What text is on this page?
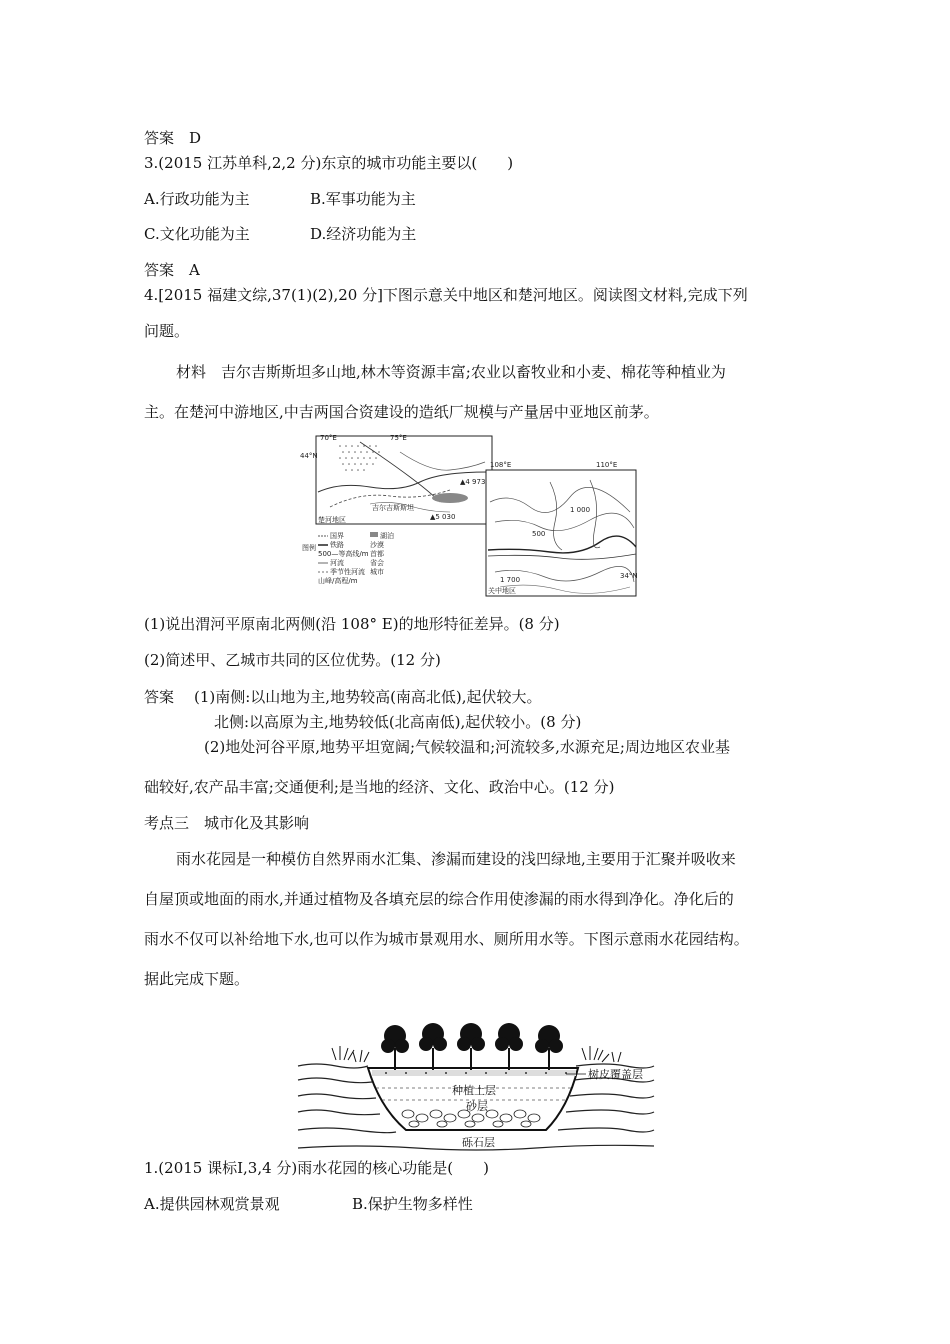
答案　D
3.(2015 江苏单科,2,2 分)东京的城市功能主要以(　　)
A.行政功能为主	B.军事功能为主
C.文化功能为主	D.经济功能为主
答案　A
4.[2015 福建文综,37(1)(2),20 分]下图示意关中地区和楚河地区。阅读图文材料,完成下列
问题。
材料　吉尔吉斯斯坦多山地,林木等资源丰富;农业以畜牧业和小麦、棉花等种植业为
主。在楚河中游地区,中吉两国合资建设的造纸厂规模与产量居中亚地区前茅。
吉尔吉斯斯坦
楚河地区
▲4 973
▲5 030
70°E	75°E
44°N
图例
国界	湖泊
铁路	沙漠
500—等高线/m 首都
河流	省会
季节性河流 城市
山峰/高程/m
1 000
500
1 700
关中地区
108°E	110°E
34°N
(1)说出渭河平原南北两侧(沿 108° E)的地形特征差异。(8 分)
(2)简述甲、乙城市共同的区位优势。(12 分)
答案 (1)南侧:以山地为主,地势较高(南高北低),起伏较大。
北侧:以高原为主,地势较低(北高南低),起伏较小。(8 分)
(2)地处河谷平原,地势平坦宽阔;气候较温和;河流较多,水源充足;周边地区农业基
础较好,农产品丰富;交通便利;是当地的经济、文化、政治中心。(12 分)
考点三　城市化及其影响
雨水花园是一种模仿自然界雨水汇集、渗漏而建设的浅凹绿地,主要用于汇聚并吸收来
自屋顶或地面的雨水,并通过植物及各填充层的综合作用使渗漏的雨水得到净化。净化后的
雨水不仅可以补给地下水,也可以作为城市景观用水、厕所用水等。下图示意雨水花园结构。
据此完成下题。
树皮覆盖层
种植土层
砂层
砾石层
1.(2015 课标Ⅰ,3,4 分)雨水花园的核心功能是(　　)
A.提供园林观赏景观	B.保护生物多样性
